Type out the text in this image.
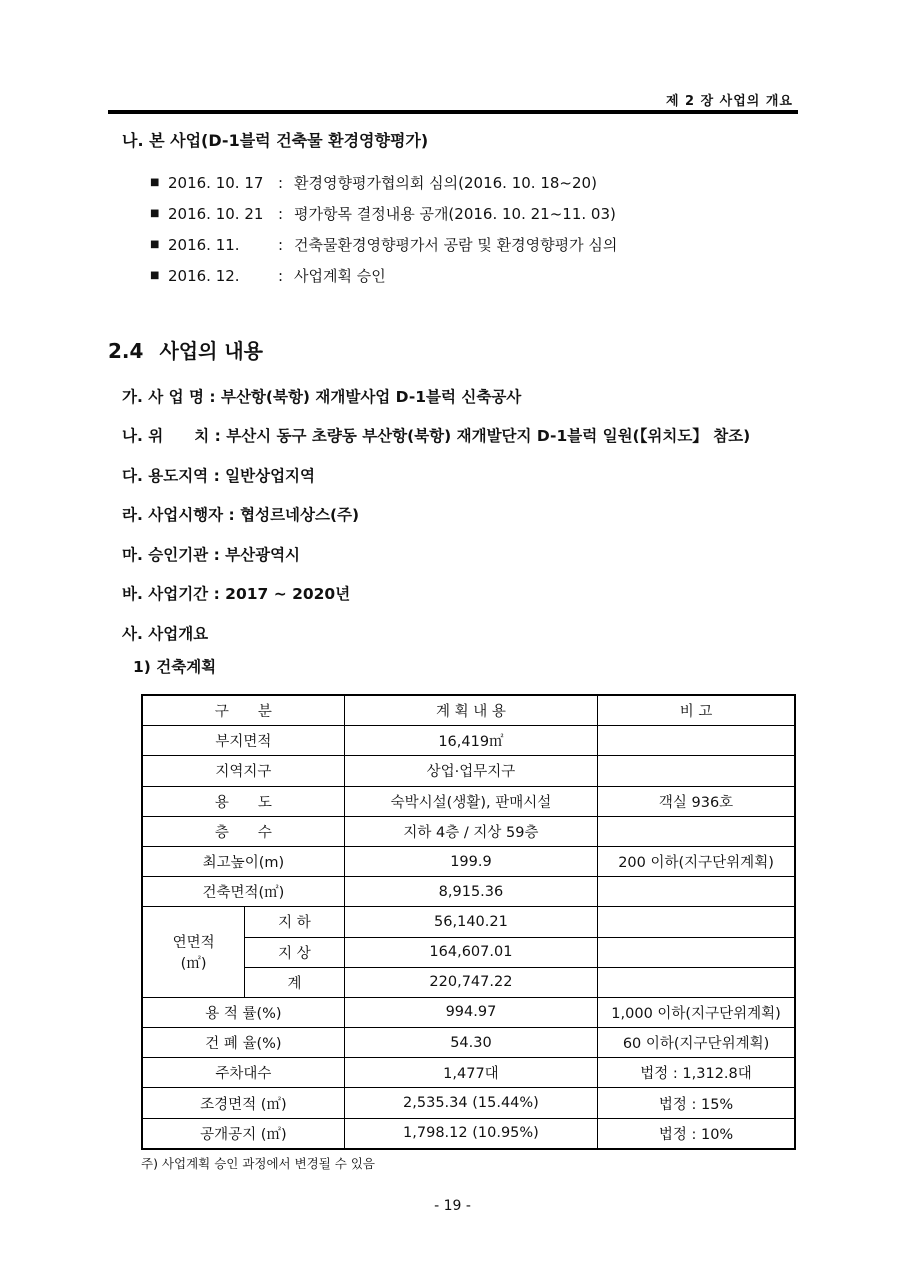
제 2 장 사업의 개요
나. 본 사업(D-1블럭 건축물 환경영향평가)
■ 2016. 10. 17 : 환경영향평가협의회 심의(2016. 10. 18~20)
■ 2016. 10. 21 : 평가항목 결정내용 공개(2016. 10. 21~11. 03)
■ 2016. 11.	: 건축물환경영향평가서 공람 및 환경영향평가 심의
■ 2016. 12.	: 사업계획 승인
2.4 사업의 내용
가. 사 업 명
: 부산항(북항) 재개발사업 D-1블럭 신축공사
나. 위　　치
: 부산시 동구 초량동 부산항(북항) 재개발단지 D-1블럭 일원(【위치도】 참조)
다. 용도지역
: 일반상업지역
라. 사업시행자
: 협성르네상스(주)
마. 승인기관
: 부산광역시
바. 사업기간
: 2017 ~ 2020년
사. 사업개요

1) 건축계획
구　　분		계 획 내 용	비 고
부지면적		16,419㎡	
지역지구		상업·업무지구	
용　　도		숙박시설(생활), 판매시설	객실 936호
층　　수		지하 4층 / 지상 59층	
최고높이(m)		199.9	200 이하(지구단위계획)
건축면적(㎡)		8,915.36	
연면적
(㎡)	지 하	56,140.21	
	지 상	164,607.01	
	계	220,747.22	
용 적 률(%)		994.97	1,000 이하(지구단위계획)
건 폐 율(%)		54.30	60 이하(지구단위계획)
주차대수		1,477대	법정 : 1,312.8대
조경면적 (㎡)		2,535.34 (15.44%)	법정 : 15%
공개공지 (㎡)		1,798.12 (10.95%)	법정 : 10%
주) 사업계획 승인 과정에서 변경될 수 있음
- 19 -
